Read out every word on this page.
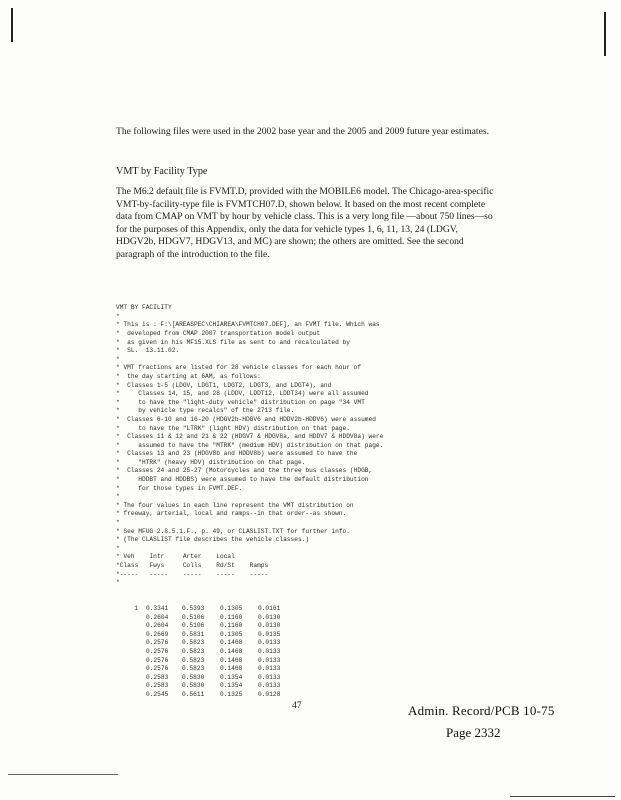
The following files were used in the 2002 base year and the 2005 and 2009 future year estimates.

VMT by Facility Type

The M6.2 default file is FVMT.D, provided with the MOBILE6 model. The Chicago-area-specific VMT-by-facility-type file is FVMTCH07.D, shown below. It based on the most recent complete data from CMAP on VMT by hour by vehicle class. This is a very long file —about 750 lines—so for the purposes of this Appendix, only the data for vehicle types 1, 6, 11, 13, 24 (LDGV, HDGV2b, HDGV7, HDGV13, and MC) are shown; the others are omitted. See the second paragraph of the introduction to the file.

VMT BY FACILITY
*
* This is : F:\[AREASPEC\CHIAREA\FVMTCH07.DEF], an FVMT file. Which was
*  developed from CMAP 2007 transportation model output
*  as given in his MF15.XLS file as sent to and recalculated by
*  SL.  13.11.02.
*
* VMT fractions are listed for 28 vehicle classes for each hour of
*  the day starting at 6AM, as follows:
*  Classes 1-5 (LDGV, LDGT1, LDGT2, LDGT3, and LDGT4), and
*     Classes 14, 15, and 28 (LDDV, LDDT12, LDDT34) were all assumed
*     to have the "light-duty vehicle" distribution on page "34 VMT
*     by vehicle type recalcs" of the 2713 file.
*  Classes 6-10 and 16-20 (HDGV2b-HDGV6 and HDDV2b-HDDV6) were assumed
*     to have the "LTRK" (light HDV) distribution on that page.
*  Classes 11 & 12 and 21 & 22 (HDGV7 & HDGV8a, and HDDV7 & HDDV8a) were
*     assumed to have the "MTRK" (medium HDV) distribution on that page.
*  Classes 13 and 23 (HDGV8b and HDDV8b) were assumed to have the
*     "HTRK" (heavy HDV) distribution on that page.
*  Classes 24 and 25-27 (Motorcycles and the three bus classes (HDGB,
*     HDDBT and HDDBS) were assumed to have the default distribution
*     for those types in FVMT.DEF.
*
* The four values in each line represent the VMT distribution on
* freeway, arterial, local and ramps--in that order--as shown.
*
* See MFUG 2.8.5.1.F., p. 49, or CLASLIST.TXT for further info.
* (The CLASLIST file describes the vehicle classes.)
*
* Veh    Intr     Arter    Local
*Class   Fwys     Colls    Rd/St    Ramps
*-----   -----    -----    -----    -----
*

1 0.3341 0.5393	0.1305	0.0161
0.2604 0.5106	0.1160	0.0130
0.2604 0.5106	0.1160	0.0130
0.2669 0.5831	0.1305	0.0135
0.2576 0.5823	0.1468	0.0133
0.2576 0.5823	0.1468	0.0133
0.2576 0.5823	0.1468	0.0133
0.2576 0.5823	0.1468	0.0133
0.2583 0.5830	0.1354	0.0133
0.2583 0.5830	0.1354	0.0133
0.2545 0.5611	0.1325	0.0128

47	Admin. Record/PCB 10-75
Page 2332
